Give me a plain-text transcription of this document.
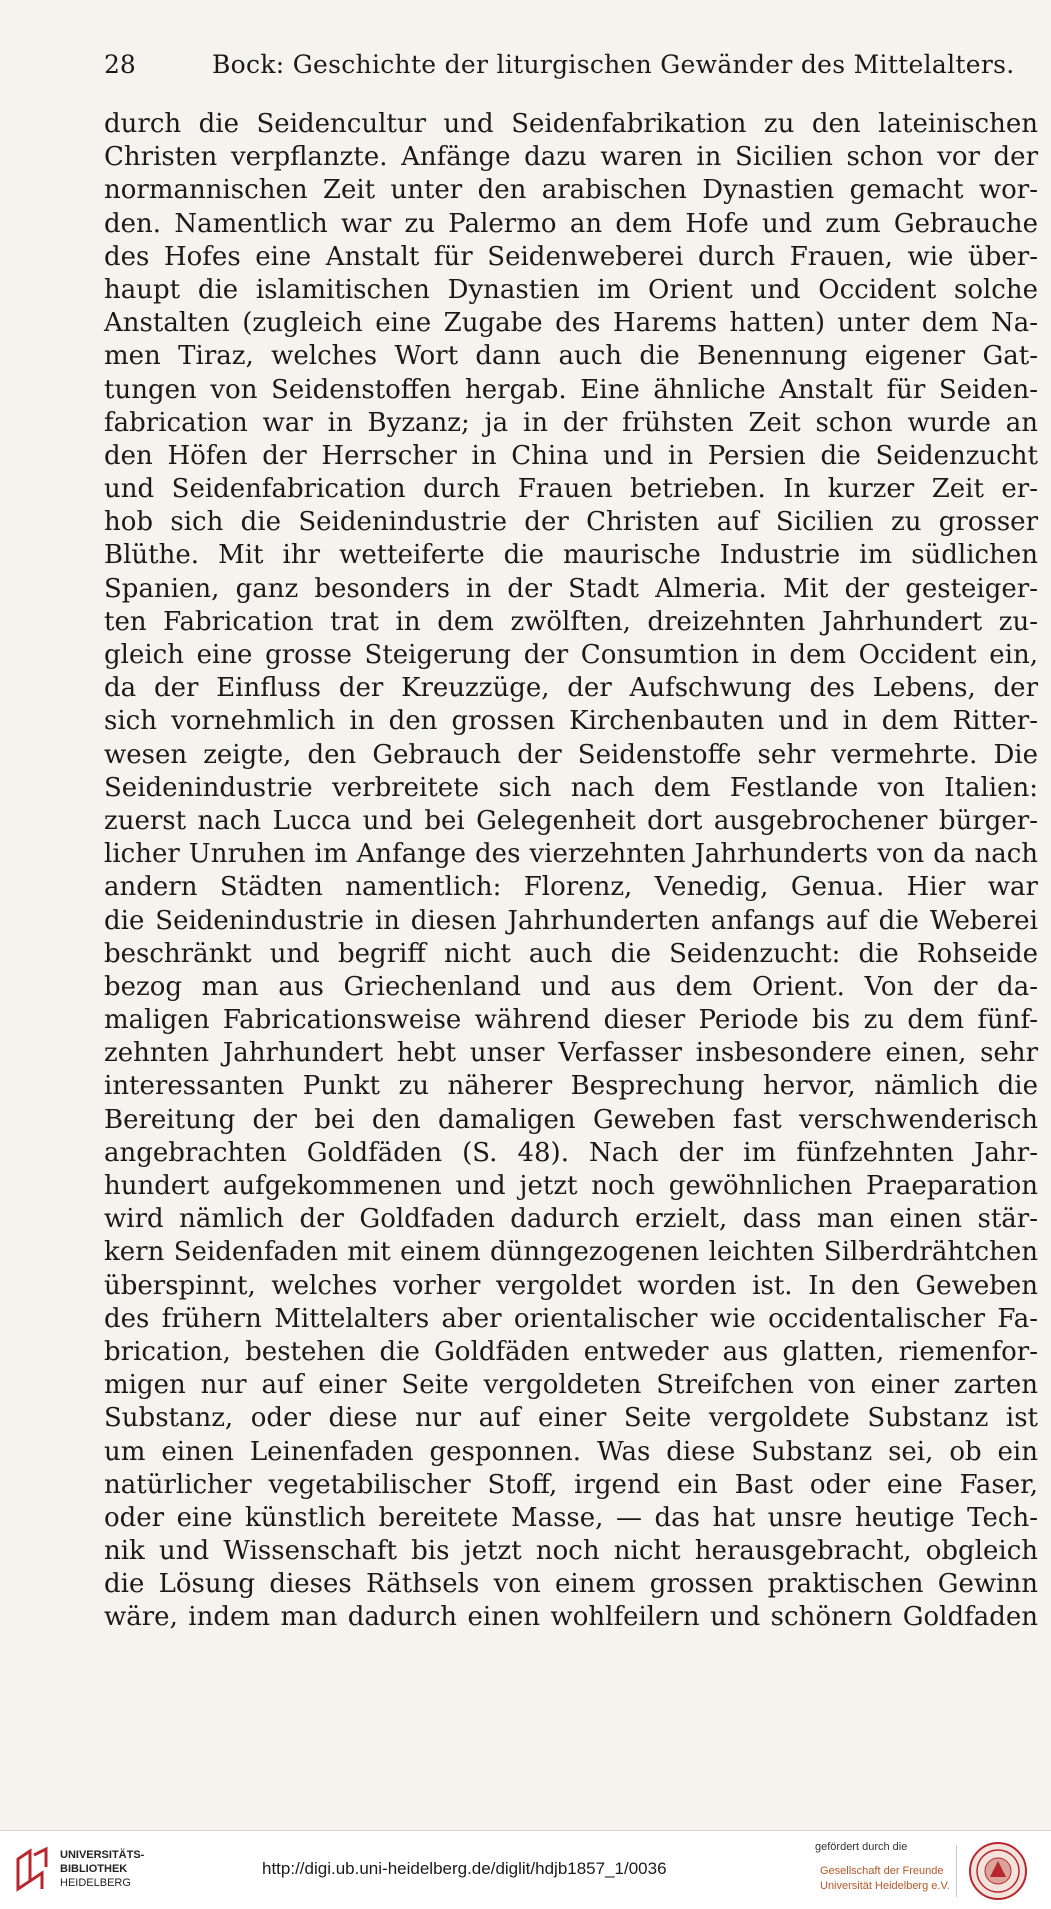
28	Bock: Geschichte der liturgischen Gewänder des Mittelalters.
durch die Seidencultur und Seidenfabrikation zu den lateinischen
Christen verpflanzte. Anfänge dazu waren in Sicilien schon vor der
normannischen Zeit unter den arabischen Dynastien gemacht wor-
den. Namentlich war zu Palermo an dem Hofe und zum Gebrauche
des Hofes eine Anstalt für Seidenweberei durch Frauen, wie über-
haupt die islamitischen Dynastien im Orient und Occident solche
Anstalten (zugleich eine Zugabe des Harems hatten) unter dem Na-
men Tiraz, welches Wort dann auch die Benennung eigener Gat-
tungen von Seidenstoffen hergab. Eine ähnliche Anstalt für Seiden-
fabrication war in Byzanz; ja in der frühsten Zeit schon wurde an
den Höfen der Herrscher in China und in Persien die Seidenzucht
und Seidenfabrication durch Frauen betrieben. In kurzer Zeit er-
hob sich die Seidenindustrie der Christen auf Sicilien zu grosser
Blüthe. Mit ihr wetteiferte die maurische Industrie im südlichen
Spanien, ganz besonders in der Stadt Almeria. Mit der gesteiger-
ten Fabrication trat in dem zwölften, dreizehnten Jahrhundert zu-
gleich eine grosse Steigerung der Consumtion in dem Occident ein,
da der Einfluss der Kreuzzüge, der Aufschwung des Lebens, der
sich vornehmlich in den grossen Kirchenbauten und in dem Ritter-
wesen zeigte, den Gebrauch der Seidenstoffe sehr vermehrte. Die
Seidenindustrie verbreitete sich nach dem Festlande von Italien:
zuerst nach Lucca und bei Gelegenheit dort ausgebrochener bürger-
licher Unruhen im Anfange des vierzehnten Jahrhunderts von da nach
andern Städten namentlich: Florenz, Venedig, Genua. Hier war
die Seidenindustrie in diesen Jahrhunderten anfangs auf die Weberei
beschränkt und begriff nicht auch die Seidenzucht: die Rohseide
bezog man aus Griechenland und aus dem Orient. Von der da-
maligen Fabricationsweise während dieser Periode bis zu dem fünf-
zehnten Jahrhundert hebt unser Verfasser insbesondere einen, sehr
interessanten Punkt zu näherer Besprechung hervor, nämlich die
Bereitung der bei den damaligen Geweben fast verschwenderisch
angebrachten Goldfäden (S. 48). Nach der im fünfzehnten Jahr-
hundert aufgekommenen und jetzt noch gewöhnlichen Praeparation
wird nämlich der Goldfaden dadurch erzielt, dass man einen stär-
kern Seidenfaden mit einem dünngezogenen leichten Silberdrähtchen
überspinnt, welches vorher vergoldet worden ist. In den Geweben
des frühern Mittelalters aber orientalischer wie occidentalischer Fa-
brication, bestehen die Goldfäden entweder aus glatten, riemenfor-
migen nur auf einer Seite vergoldeten Streifchen von einer zarten
Substanz, oder diese nur auf einer Seite vergoldete Substanz ist
um einen Leinenfaden gesponnen. Was diese Substanz sei, ob ein
natürlicher vegetabilischer Stoff, irgend ein Bast oder eine Faser,
oder eine künstlich bereitete Masse, — das hat unsre heutige Tech-
nik und Wissenschaft bis jetzt noch nicht herausgebracht, obgleich
die Lösung dieses Räthsels von einem grossen praktischen Gewinn
wäre, indem man dadurch einen wohlfeilern und schönern Goldfaden
UNIVERSITÄTS-
BIBLIOTHEK
HEIDELBERG
http://digi.ub.uni-heidelberg.de/diglit/hdjb1857_1/0036
gefördert durch die
Gesellschaft der Freunde
Universität Heidelberg e.V.
